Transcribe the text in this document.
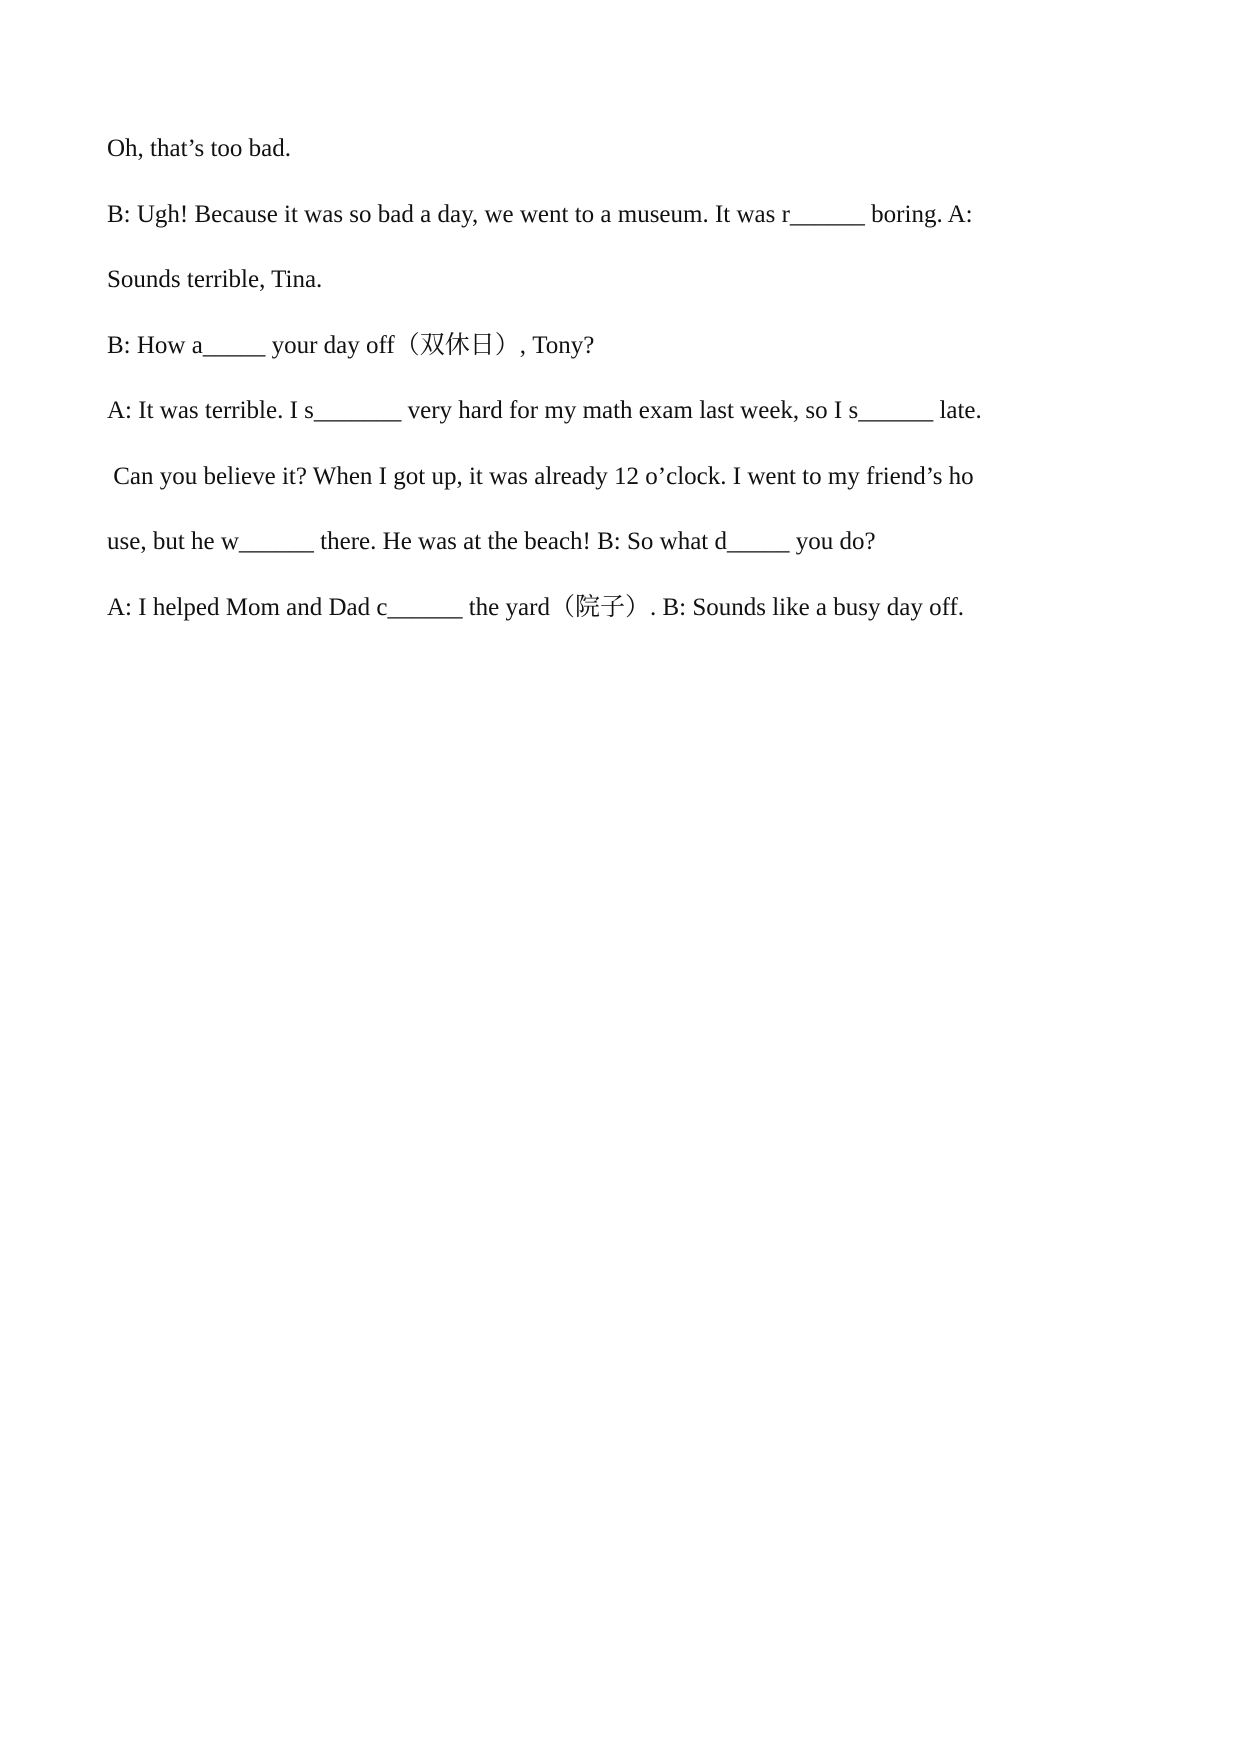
Oh, that’s too bad.
B: Ugh! Because it was so bad a day, we went to a museum. It was r______ boring. A:
Sounds terrible, Tina.
B: How a_____ your day off（双休日）, Tony?
A: It was terrible. I s_______ very hard for my math exam last week, so I s______ late.
Can you believe it? When I got up, it was already 12 o’clock. I went to my friend’s ho
use, but he w______ there. He was at the beach! B: So what d_____ you do?
A: I helped Mom and Dad c______ the yard（院子）. B: Sounds like a busy day off.
